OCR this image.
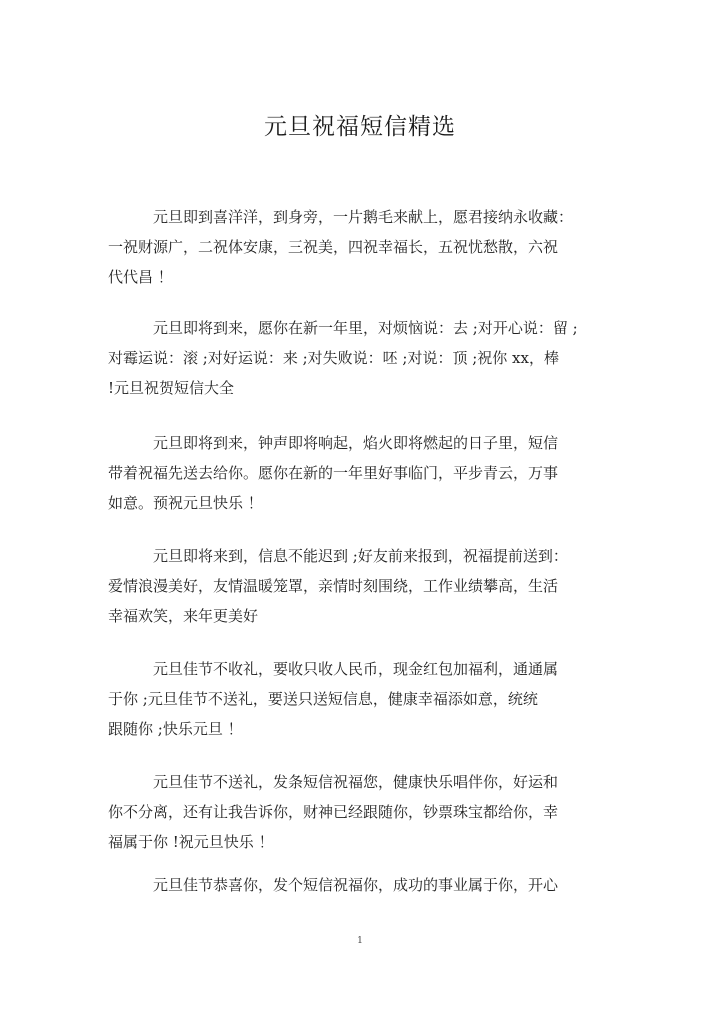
元旦祝福短信精选

元旦即到喜洋洋，到身旁，一片鹅毛来献上，愿君接纳永收藏：

一祝财源广，二祝体安康，三祝美，四祝幸福长，五祝忧愁散，六祝

代代昌 ！

元旦即将到来，愿你在新一年里，对烦恼说：去 ;对开心说：留 ;

对霉运说：滚 ;对好运说：来 ;对失败说：呸 ;对说：顶 ;祝你 xx，棒

!元旦祝贺短信大全

元旦即将到来，钟声即将响起，焰火即将燃起的日子里，短信

带着祝福先送去给你。愿你在新的一年里好事临门，平步青云，万事

如意。预祝元旦快乐 ！

元旦即将来到，信息不能迟到 ;好友前来报到，祝福提前送到：

爱情浪漫美好，友情温暖笼罩，亲情时刻围绕，工作业绩攀高，生活

幸福欢笑，来年更美好

元旦佳节不收礼，要收只收人民币，现金红包加福利，通通属

于你 ;元旦佳节不送礼，要送只送短信息，健康幸福添如意，统统

跟随你 ;快乐元旦 ！

元旦佳节不送礼，发条短信祝福您，健康快乐唱伴你，好运和

你不分离，还有让我告诉你，财神已经跟随你，钞票珠宝都给你，幸

福属于你 !祝元旦快乐 ！

元旦佳节恭喜你，发个短信祝福你，成功的事业属于你，开心

1
